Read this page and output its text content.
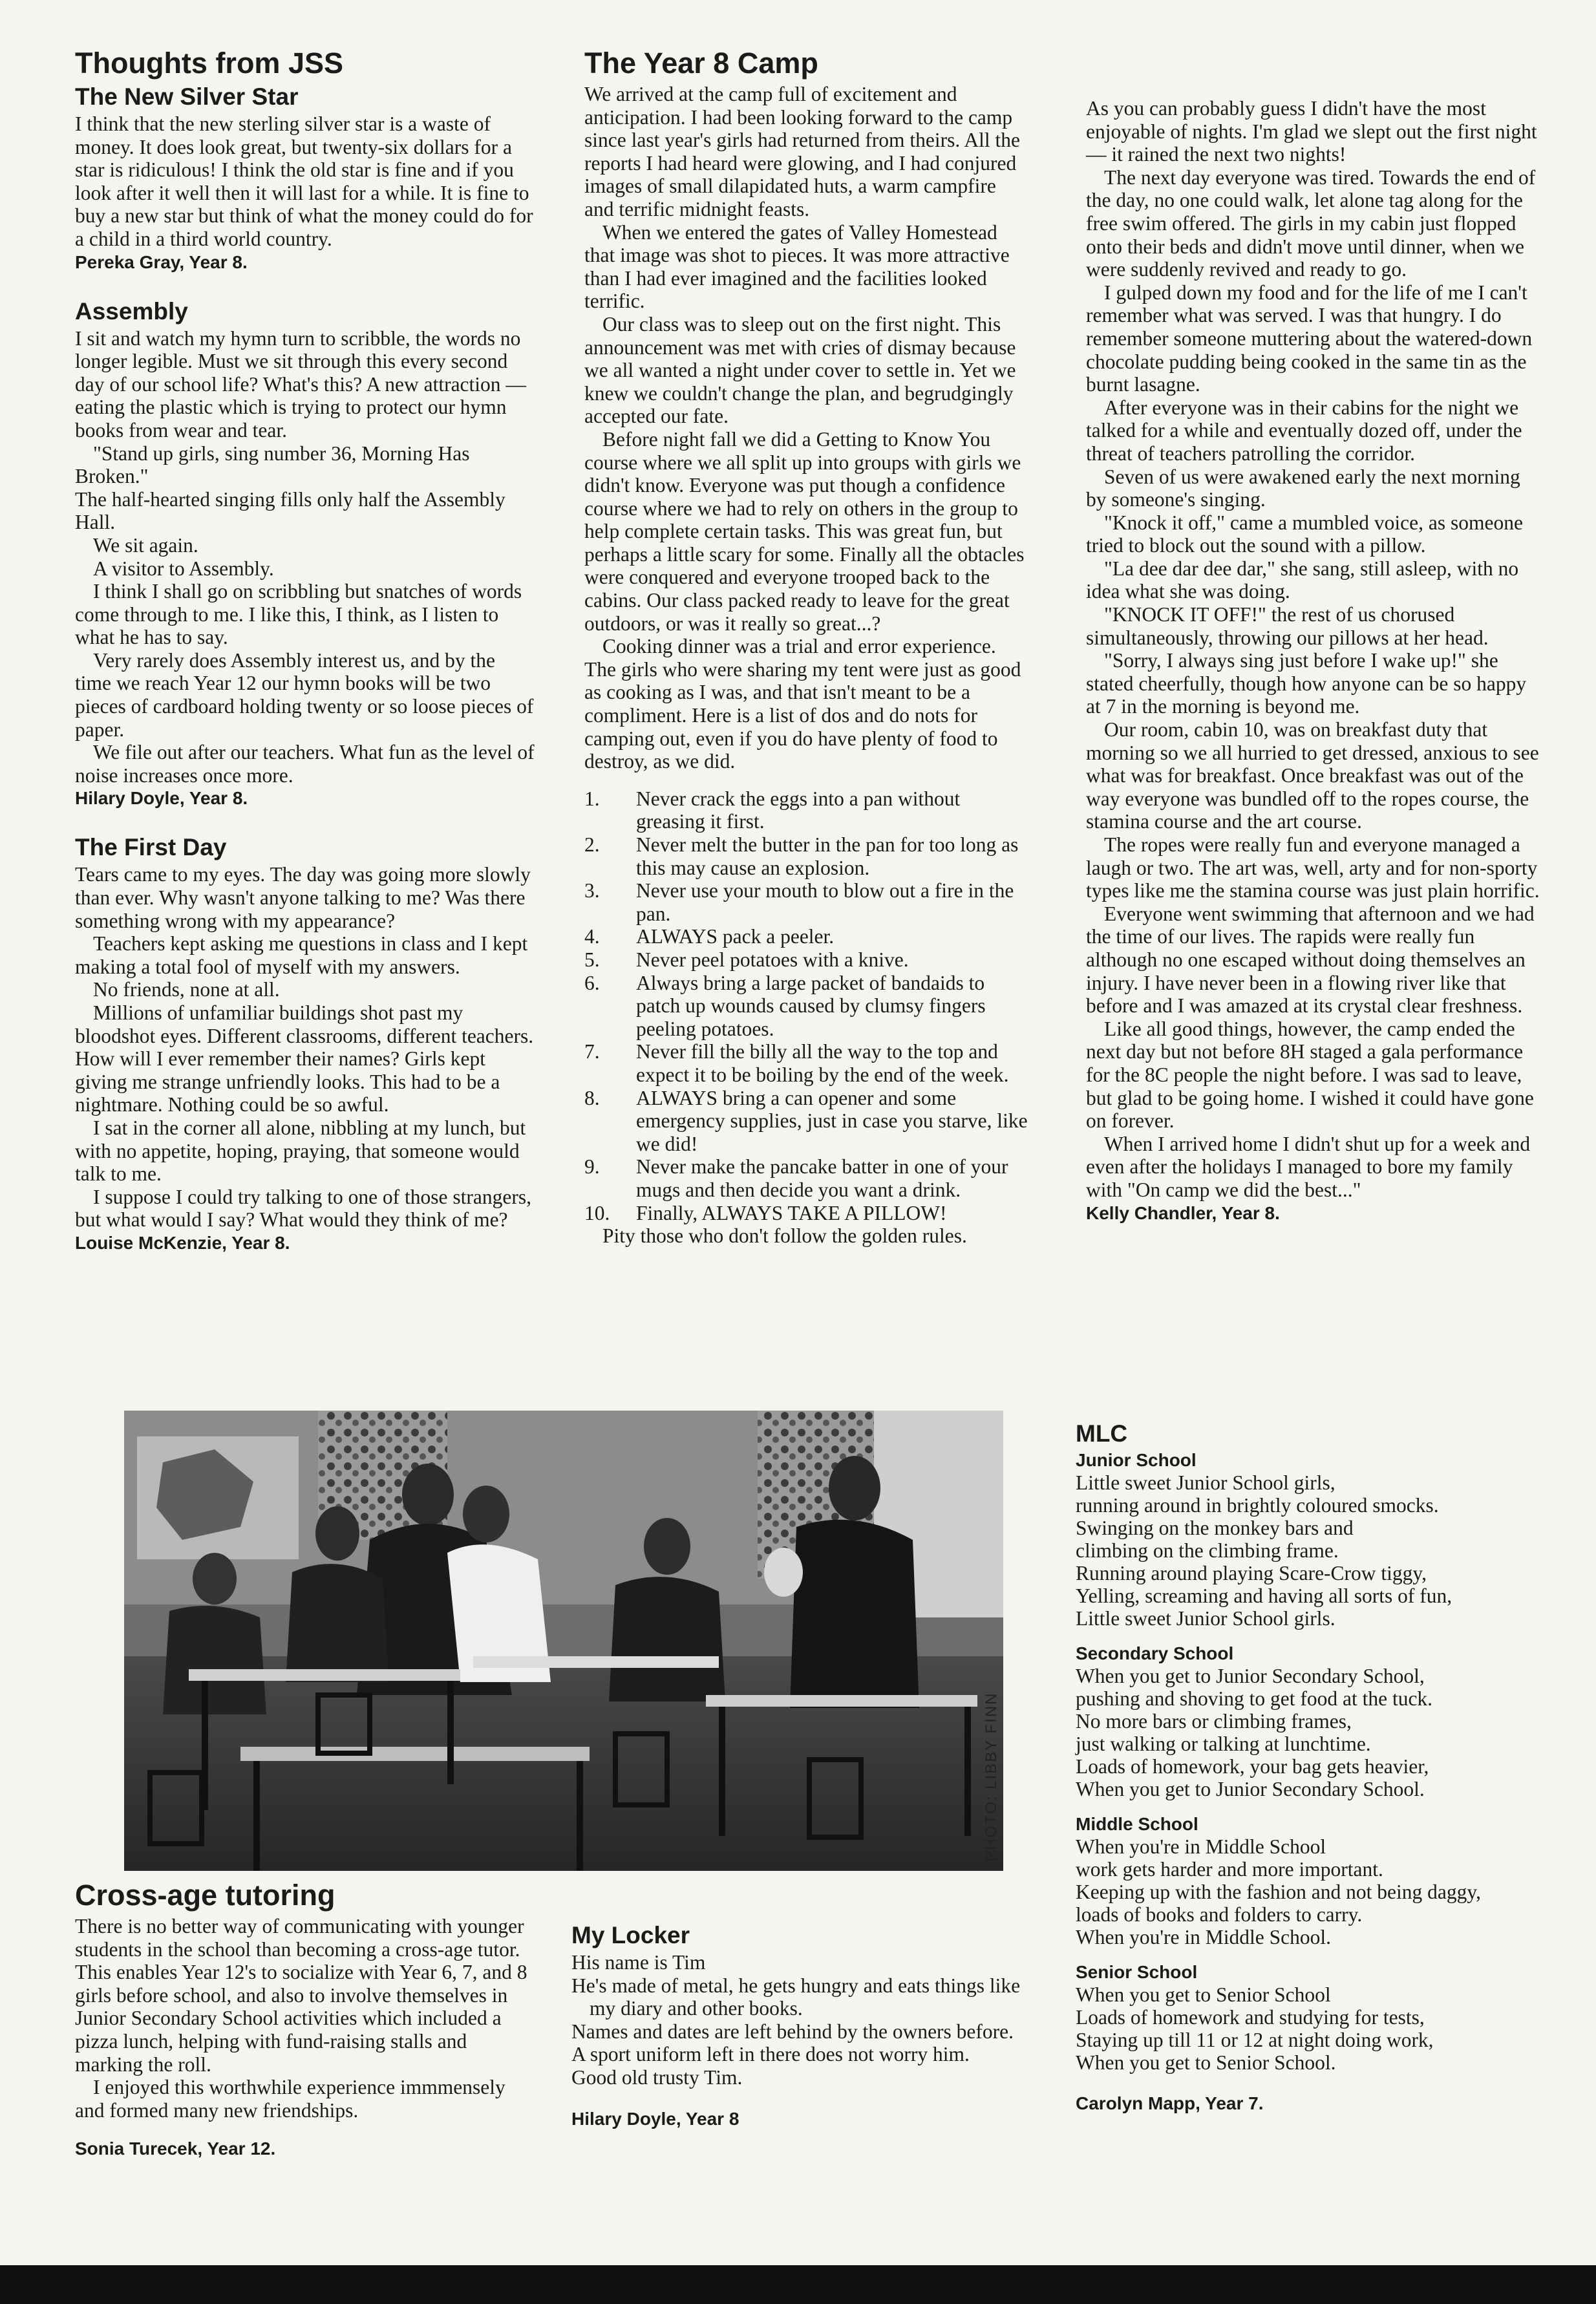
Thoughts from JSS
The New Silver Star

I think that the new sterling silver star is a waste of money. It does look great, but twenty-six dollars for a star is ridiculous! I think the old star is fine and if you look after it well then it will last for a while. It is fine to buy a new star but think of what the money could do for a child in a third world country.

Pereka Gray, Year 8.

Assembly

I sit and watch my hymn turn to scribble, the words no longer legible. Must we sit through this every second day of our school life? What's this? A new attraction — eating the plastic which is trying to protect our hymn books from wear and tear.

"Stand up girls, sing number 36, Morning Has Broken."

The half-hearted singing fills only half the Assembly Hall.

We sit again.

A visitor to Assembly.

I think I shall go on scribbling but snatches of words come through to me. I like this, I think, as I listen to what he has to say.

Very rarely does Assembly interest us, and by the time we reach Year 12 our hymn books will be two pieces of cardboard holding twenty or so loose pieces of paper.

We file out after our teachers. What fun as the level of noise increases once more.

Hilary Doyle, Year 8.

The First Day

Tears came to my eyes. The day was going more slowly than ever. Why wasn't anyone talking to me? Was there something wrong with my appearance?

Teachers kept asking me questions in class and I kept making a total fool of myself with my answers.

No friends, none at all.

Millions of unfamiliar buildings shot past my bloodshot eyes. Different classrooms, different teachers. How will I ever remember their names? Girls kept giving me strange unfriendly looks. This had to be a nightmare. Nothing could be so awful.

I sat in the corner all alone, nibbling at my lunch, but with no appetite, hoping, praying, that someone would talk to me.

I suppose I could try talking to one of those strangers, but what would I say? What would they think of me?

Louise McKenzie, Year 8.

The Year 8 Camp

We arrived at the camp full of excitement and anticipation. I had been looking forward to the camp since last year's girls had returned from theirs. All the reports I had heard were glowing, and I had conjured images of small dilapidated huts, a warm campfire and terrific midnight feasts.

When we entered the gates of Valley Homestead that image was shot to pieces. It was more attractive than I had ever imagined and the facilities looked terrific.

Our class was to sleep out on the first night. This announcement was met with cries of dismay because we all wanted a night under cover to settle in. Yet we knew we couldn't change the plan, and begrudgingly accepted our fate.

Before night fall we did a Getting to Know You course where we all split up into groups with girls we didn't know. Everyone was put though a confidence course where we had to rely on others in the group to help complete certain tasks. This was great fun, but perhaps a little scary for some. Finally all the obtacles were conquered and everyone trooped back to the cabins. Our class packed ready to leave for the great outdoors, or was it really so great...?

Cooking dinner was a trial and error experience. The girls who were sharing my tent were just as good as cooking as I was, and that isn't meant to be a compliment. Here is a list of dos and do nots for camping out, even if you do have plenty of food to destroy, as we did.

1.	Never crack the eggs into a pan without greasing it first.
2.	Never melt the butter in the pan for too long as this may cause an explosion.
3.	Never use your mouth to blow out a fire in the pan.
4.	ALWAYS pack a peeler.
5.	Never peel potatoes with a knive.
6.	Always bring a large packet of bandaids to patch up wounds caused by clumsy fingers peeling potatoes.
7.	Never fill the billy all the way to the top and expect it to be boiling by the end of the week.
8.	ALWAYS bring a can opener and some emergency supplies, just in case you starve, like we did!
9.	Never make the pancake batter in one of your mugs and then decide you want a drink.
10.	Finally, ALWAYS TAKE A PILLOW!

Pity those who don't follow the golden rules.

As you can probably guess I didn't have the most enjoyable of nights. I'm glad we slept out the first night — it rained the next two nights!

The next day everyone was tired. Towards the end of the day, no one could walk, let alone tag along for the free swim offered. The girls in my cabin just flopped onto their beds and didn't move until dinner, when we were suddenly revived and ready to go.

I gulped down my food and for the life of me I can't remember what was served. I was that hungry. I do remember someone muttering about the watered-down chocolate pudding being cooked in the same tin as the burnt lasagne.

After everyone was in their cabins for the night we talked for a while and eventually dozed off, under the threat of teachers patrolling the corridor.

Seven of us were awakened early the next morning by someone's singing.

"Knock it off," came a mumbled voice, as someone tried to block out the sound with a pillow.

"La dee dar dee dar," she sang, still asleep, with no idea what she was doing.

"KNOCK IT OFF!" the rest of us chorused simultaneously, throwing our pillows at her head.

"Sorry, I always sing just before I wake up!" she stated cheerfully, though how anyone can be so happy at 7 in the morning is beyond me.

Our room, cabin 10, was on breakfast duty that morning so we all hurried to get dressed, anxious to see what was for breakfast. Once breakfast was out of the way everyone was bundled off to the ropes course, the stamina course and the art course.

The ropes were really fun and everyone managed a laugh or two. The art was, well, arty and for non-sporty types like me the stamina course was just plain horrific.

Everyone went swimming that afternoon and we had the time of our lives. The rapids were really fun although no one escaped without doing themselves an injury. I have never been in a flowing river like that before and I was amazed at its crystal clear freshness.

Like all good things, however, the camp ended the next day but not before 8H staged a gala performance for the 8C people the night before. I was sad to leave, but glad to be going home. I wished it could have gone on forever.

When I arrived home I didn't shut up for a week and even after the holidays I managed to bore my family with "On camp we did the best..."

Kelly Chandler, Year 8.

PHOTO: LIBBY FINN
Cross-age tutoring

There is no better way of communicating with younger students in the school than becoming a cross-age tutor. This enables Year 12's to socialize with Year 6, 7, and 8 girls before school, and also to involve themselves in Junior Secondary School activities which included a pizza lunch, helping with fund-raising stalls and marking the roll.

I enjoyed this worthwhile experience immmensely and formed many new friendships.

Sonia Turecek, Year 12.

My Locker

His name is Tim

He's made of metal, he gets hungry and eats things like my diary and other books.

Names and dates are left behind by the owners before.

A sport uniform left in there does not worry him.

Good old trusty Tim.

Hilary Doyle, Year 8

MLC

Junior School

Little sweet Junior School girls,

running around in brightly coloured smocks.

Swinging on the monkey bars and

climbing on the climbing frame.

Running around playing Scare-Crow tiggy,

Yelling, screaming and having all sorts of fun,

Little sweet Junior School girls.

Secondary School

When you get to Junior Secondary School,

pushing and shoving to get food at the tuck.

No more bars or climbing frames,

just walking or talking at lunchtime.

Loads of homework, your bag gets heavier,

When you get to Junior Secondary School.

Middle School

When you're in Middle School

work gets harder and more important.

Keeping up with the fashion and not being daggy,

loads of books and folders to carry.

When you're in Middle School.

Senior School

When you get to Senior School

Loads of homework and studying for tests,

Staying up till 11 or 12 at night doing work,

When you get to Senior School.

Carolyn Mapp, Year 7.
